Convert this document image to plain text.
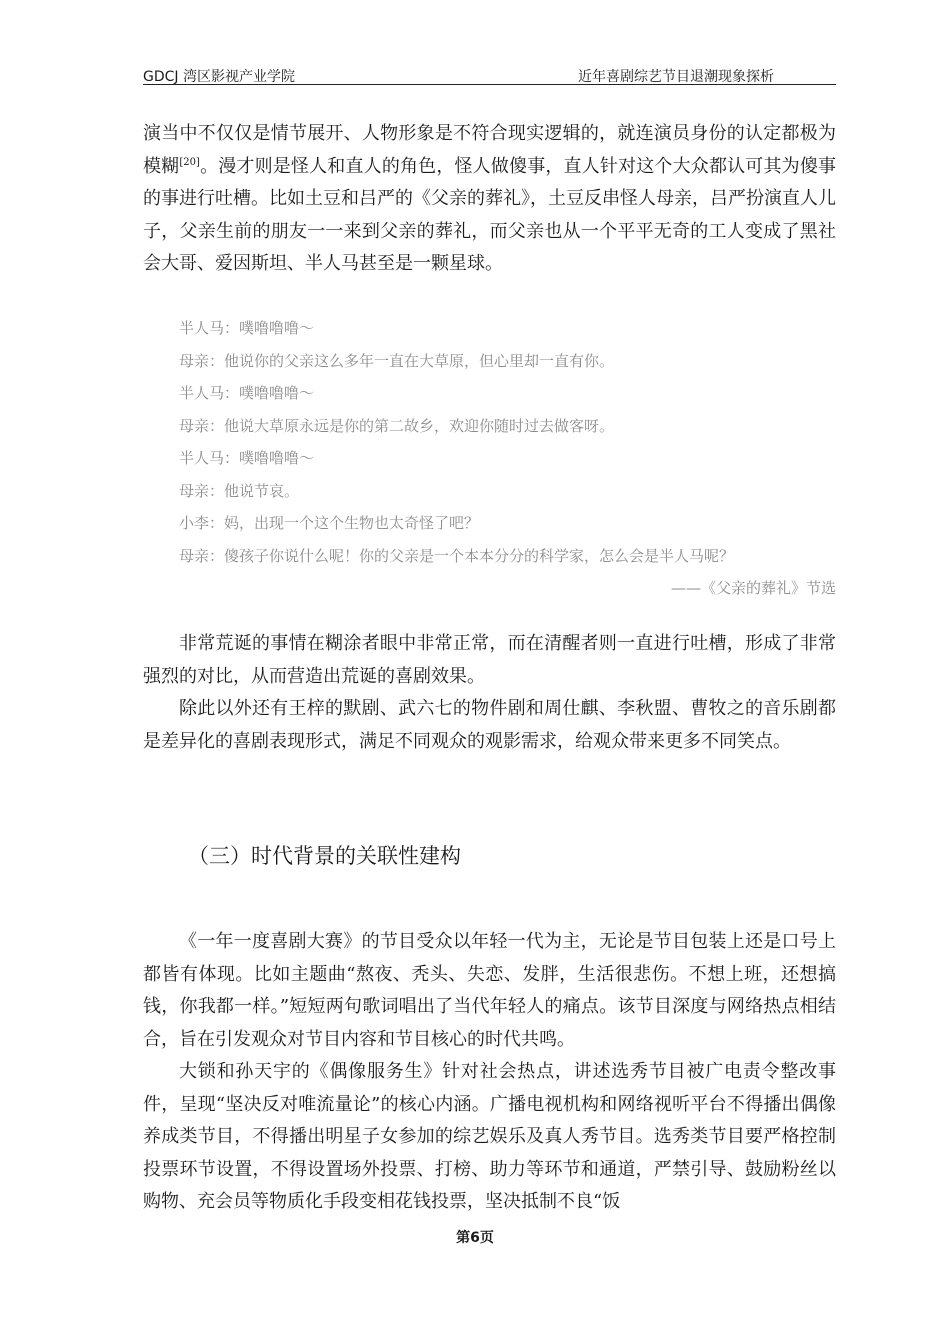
GDCJ 湾区影视产业学院	近年喜剧综艺节目退潮现象探析

演当中不仅仅是情节展开、人物形象是不符合现实逻辑的，就连演员身份的认定都极为模糊[20]。漫才则是怪人和直人的角色，怪人做傻事，直人针对这个大众都认可其为傻事的事进行吐槽。比如土豆和吕严的《父亲的葬礼》，土豆反串怪人母亲，吕严扮演直人儿子，父亲生前的朋友一一来到父亲的葬礼，而父亲也从一个平平无奇的工人变成了黑社会大哥、爱因斯坦、半人马甚至是一颗星球。

半人马：噗噜噜噜～
母亲：他说你的父亲这么多年一直在大草原，但心里却一直有你。
半人马：噗噜噜噜～
母亲：他说大草原永远是你的第二故乡，欢迎你随时过去做客呀。
半人马：噗噜噜噜～
母亲：他说节哀。
小李：妈，出现一个这个生物也太奇怪了吧？
母亲：傻孩子你说什么呢！你的父亲是一个本本分分的科学家，怎么会是半人马呢？
——《父亲的葬礼》节选

非常荒诞的事情在糊涂者眼中非常正常，而在清醒者则一直进行吐槽，形成了非常强烈的对比，从而营造出荒诞的喜剧效果。

除此以外还有王梓的默剧、武六七的物件剧和周仕麒、李秋盟、曹牧之的音乐剧都是差异化的喜剧表现形式，满足不同观众的观影需求，给观众带来更多不同笑点。

（三）时代背景的关联性建构

《一年一度喜剧大赛》的节目受众以年轻一代为主，无论是节目包装上还是口号上都皆有体现。比如主题曲“熬夜、秃头、失恋、发胖，生活很悲伤。不想上班，还想搞钱，你我都一样。”短短两句歌词唱出了当代年轻人的痛点。该节目深度与网络热点相结合，旨在引发观众对节目内容和节目核心的时代共鸣。

大锁和孙天宇的《偶像服务生》针对社会热点，讲述选秀节目被广电责令整改事件，呈现“坚决反对唯流量论”的核心内涵。广播电视机构和网络视听平台不得播出偶像养成类节目，不得播出明星子女参加的综艺娱乐及真人秀节目。选秀类节目要严格控制投票环节设置，不得设置场外投票、打榜、助力等环节和通道，严禁引导、鼓励粉丝以购物、充会员等物质化手段变相花钱投票，坚决抵制不良“饭

第6页
